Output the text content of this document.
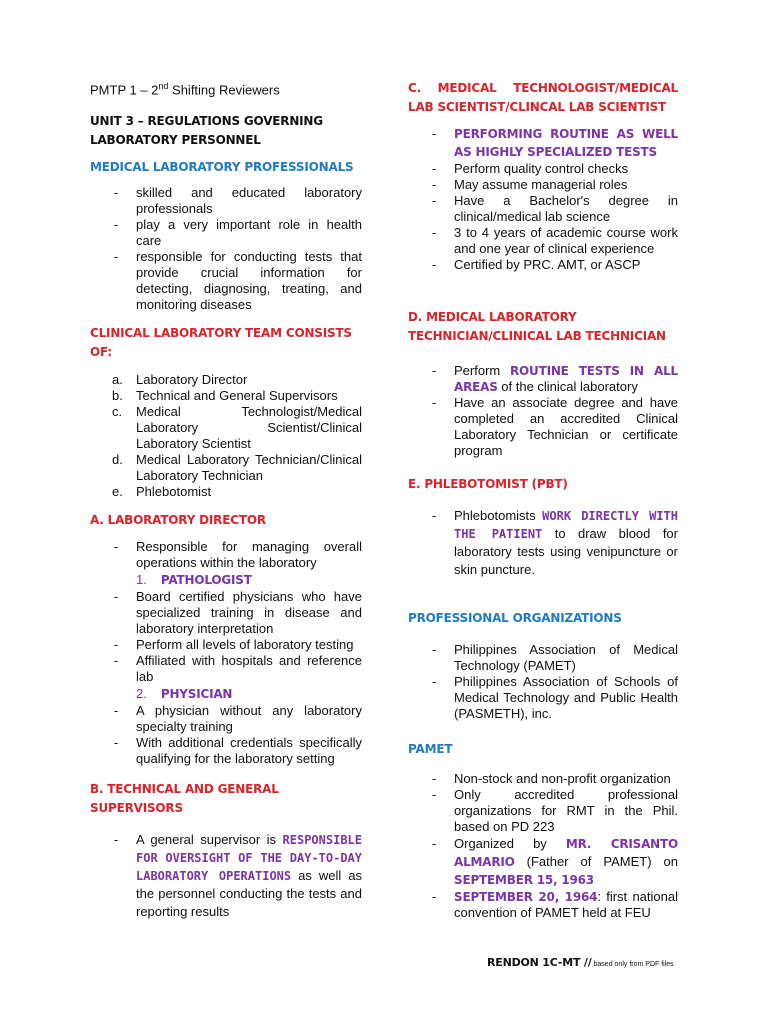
PMTP 1 – 2nd Shifting Reviewers
UNIT 3 – REGULATIONS GOVERNING LABORATORY PERSONNEL
MEDICAL LABORATORY PROFESSIONALS
- skilled and educated laboratory professionals
- play a very important role in health care
- responsible for conducting tests that provide crucial information for detecting, diagnosing, treating, and monitoring diseases
CLINICAL LABORATORY TEAM CONSISTS OF:
a. Laboratory Director
b. Technical and General Supervisors
c. Medical Technologist/Medical Laboratory Scientist/Clinical Laboratory Scientist
d. Medical Laboratory Technician/Clinical Laboratory Technician
e. Phlebotomist
A. LABORATORY DIRECTOR
- Responsible for managing overall operations within the laboratory
1. PATHOLOGIST
- Board certified physicians who have specialized training in disease and laboratory interpretation
- Perform all levels of laboratory testing
- Affiliated with hospitals and reference lab
2. PHYSICIAN
- A physician without any laboratory specialty training
- With additional credentials specifically qualifying for the laboratory setting
B. TECHNICAL AND GENERAL SUPERVISORS
- A general supervisor is RESPONSIBLE FOR OVERSIGHT OF THE DAY-TO-DAY LABORATORY OPERATIONS as well as the personnel conducting the tests and reporting results
C. MEDICAL TECHNOLOGIST/MEDICAL LAB SCIENTIST/CLINCAL LAB SCIENTIST
- PERFORMING ROUTINE AS WELL AS HIGHLY SPECIALIZED TESTS
- Perform quality control checks
- May assume managerial roles
- Have a Bachelor's degree in clinical/medical lab science
- 3 to 4 years of academic course work and one year of clinical experience
- Certified by PRC. AMT, or ASCP
D. MEDICAL LABORATORY TECHNICIAN/CLINICAL LAB TECHNICIAN
- Perform ROUTINE TESTS IN ALL AREAS of the clinical laboratory
- Have an associate degree and have completed an accredited Clinical Laboratory Technician or certificate program
E. PHLEBOTOMIST (PBT)
- Phlebotomists WORK DIRECTLY WITH THE PATIENT to draw blood for laboratory tests using venipuncture or skin puncture.
PROFESSIONAL ORGANIZATIONS
- Philippines Association of Medical Technology (PAMET)
- Philippines Association of Schools of Medical Technology and Public Health (PASMETH), inc.
PAMET
- Non-stock and non-profit organization
- Only accredited professional organizations for RMT in the Phil. based on PD 223
- Organized by MR. CRISANTO ALMARIO (Father of PAMET) on SEPTEMBER 15, 1963
- SEPTEMBER 20, 1964: first national convention of PAMET held at FEU
RENDON 1C-MT // based only from PDF files
